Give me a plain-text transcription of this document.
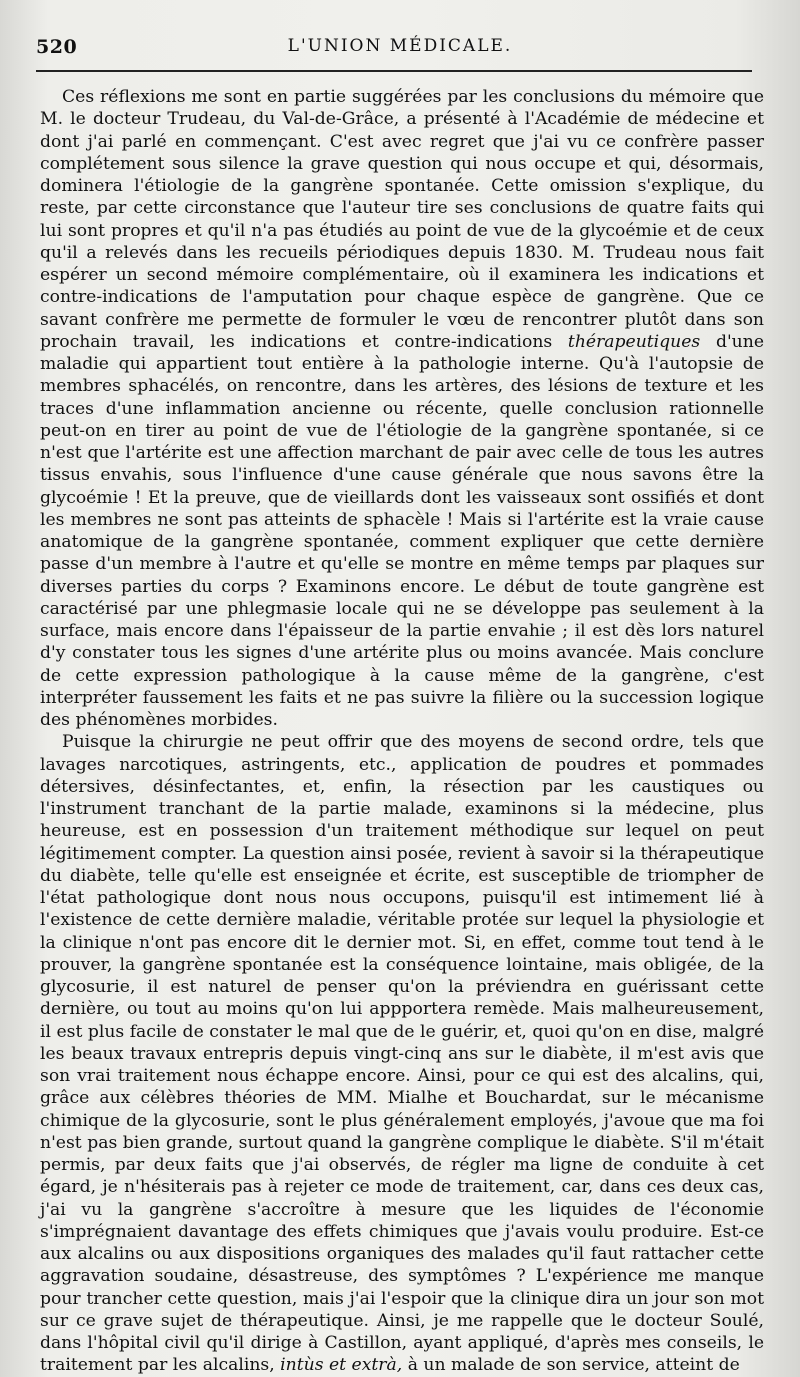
520	L'UNION MÉDICALE.

Ces réflexions me sont en partie suggérées par les conclusions du mémoire que M. le docteur Trudeau, du Val-de-Grâce, a présenté à l'Académie de médecine et dont j'ai parlé en commençant. C'est avec regret que j'ai vu ce confrère passer complétement sous silence la grave question qui nous occupe et qui, désormais, dominera l'étiologie de la gangrène spontanée. Cette omission s'explique, du reste, par cette circonstance que l'auteur tire ses conclusions de quatre faits qui lui sont propres et qu'il n'a pas étudiés au point de vue de la glycoémie et de ceux qu'il a relevés dans les recueils périodiques depuis 1830. M. Trudeau nous fait espérer un second mémoire complémentaire, où il examinera les indications et contre-indications de l'amputation pour chaque espèce de gangrène. Que ce savant confrère me permette de formuler le vœu de rencontrer plutôt dans son prochain travail, les indications et contre-indications thérapeutiques d'une maladie qui appartient tout entière à la pathologie interne. Qu'à l'autopsie de membres sphacélés, on rencontre, dans les artères, des lésions de texture et les traces d'une inflammation ancienne ou récente, quelle conclusion rationnelle peut-on en tirer au point de vue de l'étiologie de la gangrène spontanée, si ce n'est que l'artérite est une affection marchant de pair avec celle de tous les autres tissus envahis, sous l'influence d'une cause générale que nous savons être la glycoémie ! Et la preuve, que de vieillards dont les vaisseaux sont ossifiés et dont les membres ne sont pas atteints de sphacèle ! Mais si l'artérite est la vraie cause anatomique de la gangrène spontanée, comment expliquer que cette dernière passe d'un membre à l'autre et qu'elle se montre en même temps par plaques sur diverses parties du corps ? Examinons encore. Le début de toute gangrène est caractérisé par une phlegmasie locale qui ne se développe pas seulement à la surface, mais encore dans l'épaisseur de la partie envahie ; il est dès lors naturel d'y constater tous les signes d'une artérite plus ou moins avancée. Mais conclure de cette expression pathologique à la cause même de la gangrène, c'est interpréter faussement les faits et ne pas suivre la filière ou la succession logique des phénomènes morbides.

Puisque la chirurgie ne peut offrir que des moyens de second ordre, tels que lavages narcotiques, astringents, etc., application de poudres et pommades détersives, désinfectantes, et, enfin, la résection par les caustiques ou l'instrument tranchant de la partie malade, examinons si la médecine, plus heureuse, est en possession d'un traitement méthodique sur lequel on peut légitimement compter. La question ainsi posée, revient à savoir si la thérapeutique du diabète, telle qu'elle est enseignée et écrite, est susceptible de triompher de l'état pathologique dont nous nous occupons, puisqu'il est intimement lié à l'existence de cette dernière maladie, véritable protée sur lequel la physiologie et la clinique n'ont pas encore dit le dernier mot. Si, en effet, comme tout tend à le prouver, la gangrène spontanée est la conséquence lointaine, mais obligée, de la glycosurie, il est naturel de penser qu'on la préviendra en guérissant cette dernière, ou tout au moins qu'on lui appportera remède. Mais malheureusement, il est plus facile de constater le mal que de le guérir, et, quoi qu'on en dise, malgré les beaux travaux entrepris depuis vingt-cinq ans sur le diabète, il m'est avis que son vrai traitement nous échappe encore. Ainsi, pour ce qui est des alcalins, qui, grâce aux célèbres théories de MM. Mialhe et Bouchardat, sur le mécanisme chimique de la glycosurie, sont le plus généralement employés, j'avoue que ma foi n'est pas bien grande, surtout quand la gangrène complique le diabète. S'il m'était permis, par deux faits que j'ai observés, de régler ma ligne de conduite à cet égard, je n'hésiterais pas à rejeter ce mode de traitement, car, dans ces deux cas, j'ai vu la gangrène s'accroître à mesure que les liquides de l'économie s'imprégnaient davantage des effets chimiques que j'avais voulu produire. Est-ce aux alcalins ou aux dispositions organiques des malades qu'il faut rattacher cette aggravation soudaine, désastreuse, des symptômes ? L'expérience me manque pour trancher cette question, mais j'ai l'espoir que la clinique dira un jour son mot sur ce grave sujet de thérapeutique. Ainsi, je me rappelle que le docteur Soulé, dans l'hôpital civil qu'il dirige à Castillon, ayant appliqué, d'après mes conseils, le traitement par les alcalins, intùs et extrà, à un malade de son service, atteint de
